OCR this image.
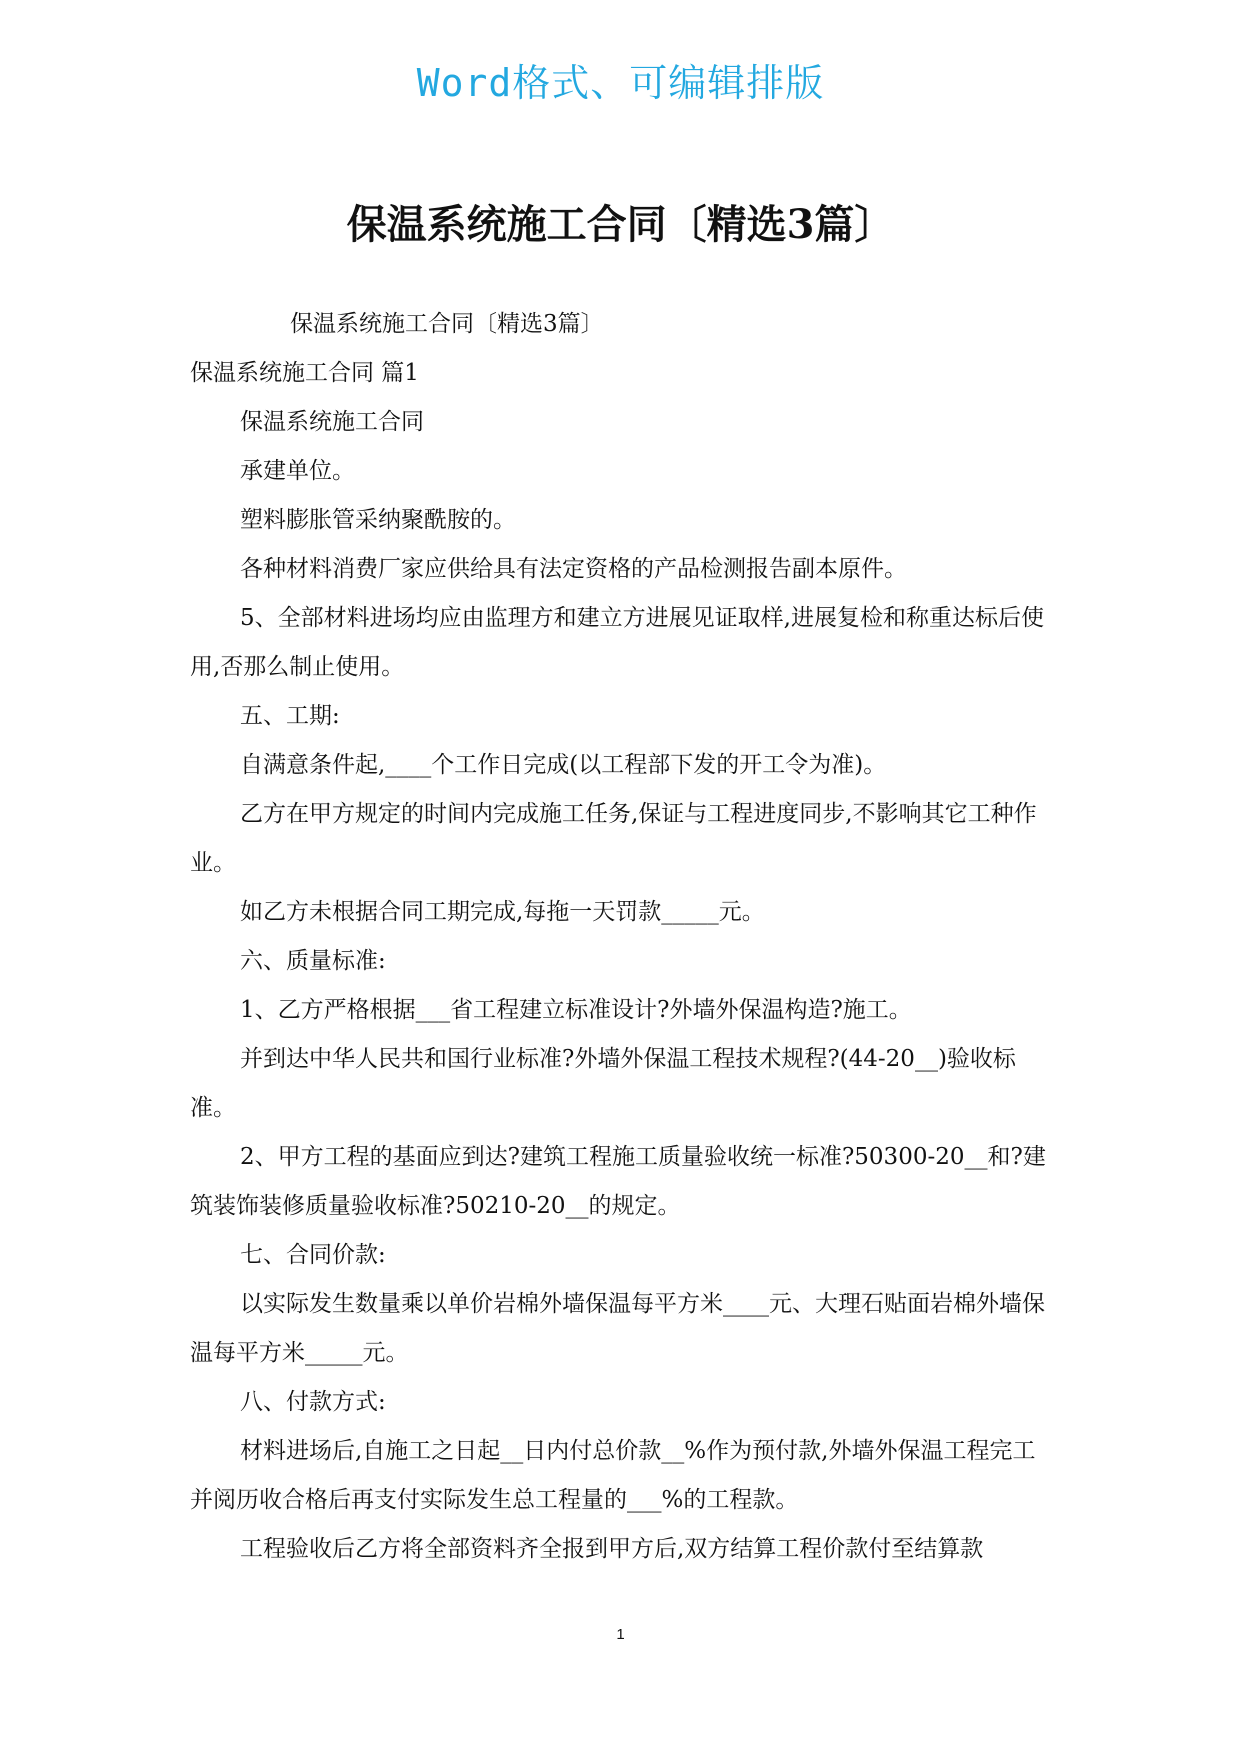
Word格式、可编辑排版
保温系统施工合同〔精选3篇〕

保温系统施工合同〔精选3篇〕

保温系统施工合同 篇1

保温系统施工合同

承建单位。

塑料膨胀管采纳聚酰胺的。

各种材料消费厂家应供给具有法定资格的产品检测报告副本原件。

5、全部材料进场均应由监理方和建立方进展见证取样,进展复检和称重达标后使用,否那么制止使用。

五、工期:

自满意条件起,____个工作日完成(以工程部下发的开工令为准)。

乙方在甲方规定的时间内完成施工任务,保证与工程进度同步,不影响其它工种作业。

如乙方未根据合同工期完成,每拖一天罚款_____元。

六、质量标准:

1、乙方严格根据___省工程建立标准设计?外墙外保温构造?施工。

并到达中华人民共和国行业标准?外墙外保温工程技术规程?(44-20__)验收标准。

2、甲方工程的基面应到达?建筑工程施工质量验收统一标准?50300-20__和?建筑装饰装修质量验收标准?50210-20__的规定。

七、合同价款:

以实际发生数量乘以单价岩棉外墙保温每平方米____元、大理石贴面岩棉外墙保温每平方米_____元。

八、付款方式:

材料进场后,自施工之日起__日内付总价款__%作为预付款,外墙外保温工程完工并阅历收合格后再支付实际发生总工程量的___%的工程款。

工程验收后乙方将全部资料齐全报到甲方后,双方结算工程价款付至结算款

1
